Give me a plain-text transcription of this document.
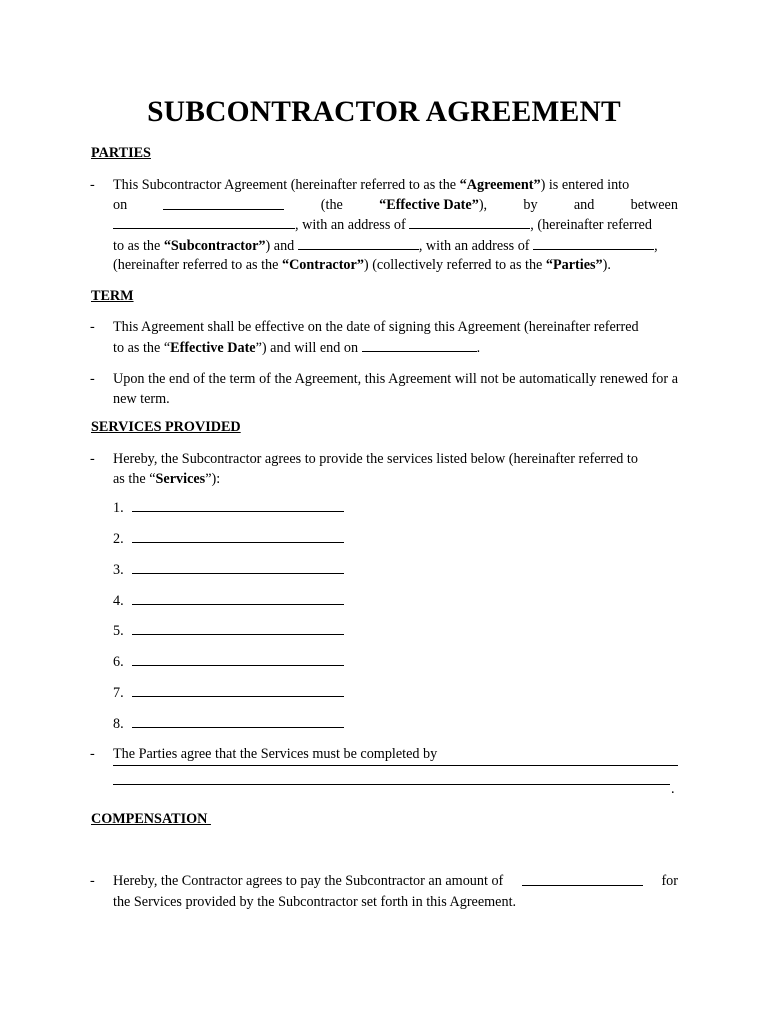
SUBCONTRACTOR AGREEMENT
PARTIES
- This Subcontractor Agreement (hereinafter referred to as the “Agreement”) is entered into
on	(the	“Effective Date”),	by	and	between
, with an address of	, (hereinafter referred
to as the “Subcontractor”) and	, with an address of	,
(hereinafter referred to as the “Contractor”) (collectively referred to as the “Parties”).
TERM
- This Agreement shall be effective on the date of signing this Agreement (hereinafter referred
to as the “Effective Date”) and will end on	.
- Upon the end of the term of the Agreement, this Agreement will not be automatically renewed for a new term.
SERVICES PROVIDED
- Hereby, the Subcontractor agrees to provide the services listed below (hereinafter referred to
as the “Services”):
1.
2.
3.
4.
5.
6.
7.
8.
- The Parties agree that the Services must be completed by
.
COMPENSATION
- Hereby, the Contractor agrees to pay the Subcontractor an amount of	for
the Services provided by the Subcontractor set forth in this Agreement.
